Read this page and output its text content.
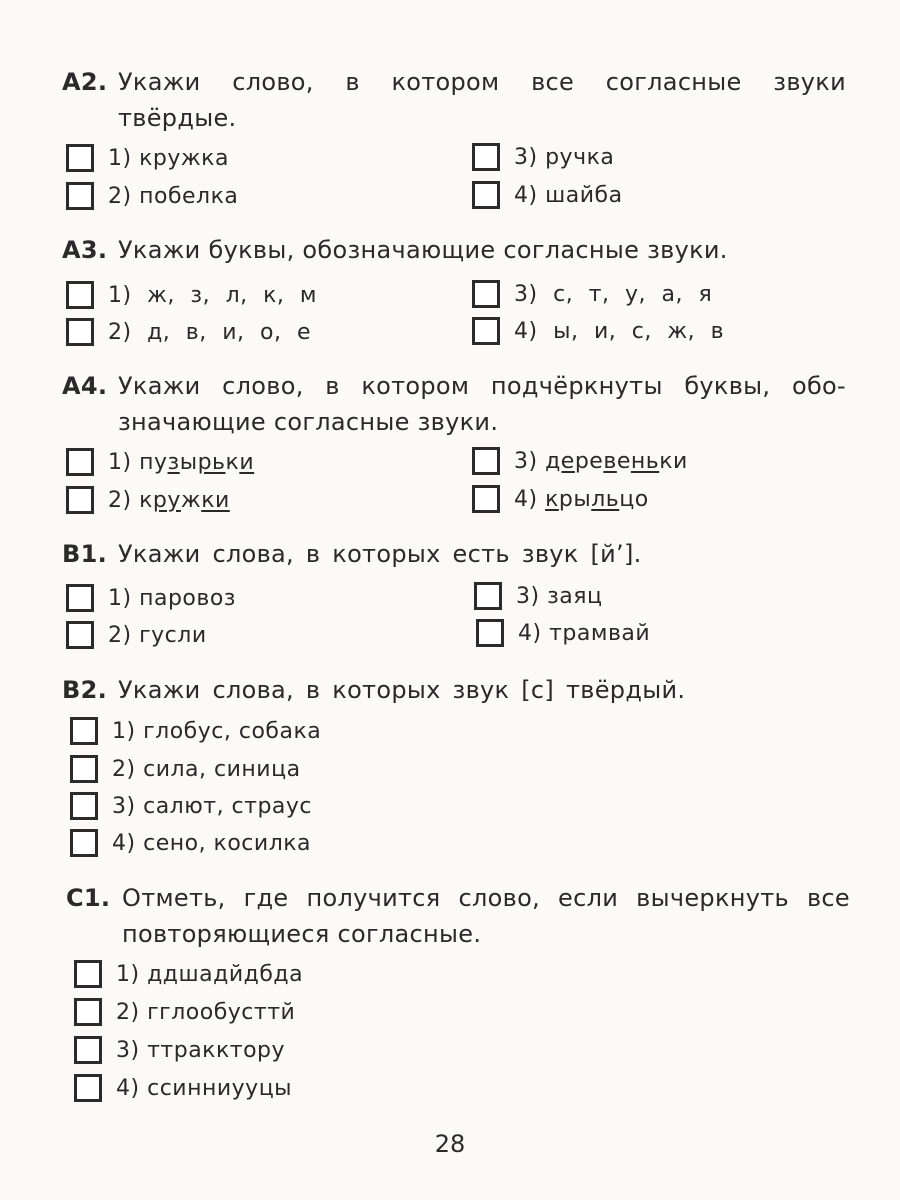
А2. Укажи слово, в котором все согласные звуки
твёрдые.
1) кружка
2) побелка
3) ручка
4) шайба
А3. Укажи буквы, обозначающие согласные звуки.
1) ж, з, л, к, м
2) д, в, и, о, е
3) с, т, у, а, я
4) ы, и, с, ж, в
А4. Укажи слово, в котором подчёркнуты буквы, обо-
значающие согласные звуки.
1) пузырьки
2) кружки
3) деревеньки
4) крыльцо
В1. Укажи слова, в которых есть звук [й’].
1) паровоз
2) гусли
3) заяц
4) трамвай
В2. Укажи слова, в которых звук [с] твёрдый.
1) глобус, собака
2) сила, синица
3) салют, страус
4) сено, косилка
С1. Отметь, где получится слово, если вычеркнуть все
повторяющиеся согласные.
1) ддшадйдбда
2) гглообусттй
3) ттракктору
4) ссинниууцы
28
